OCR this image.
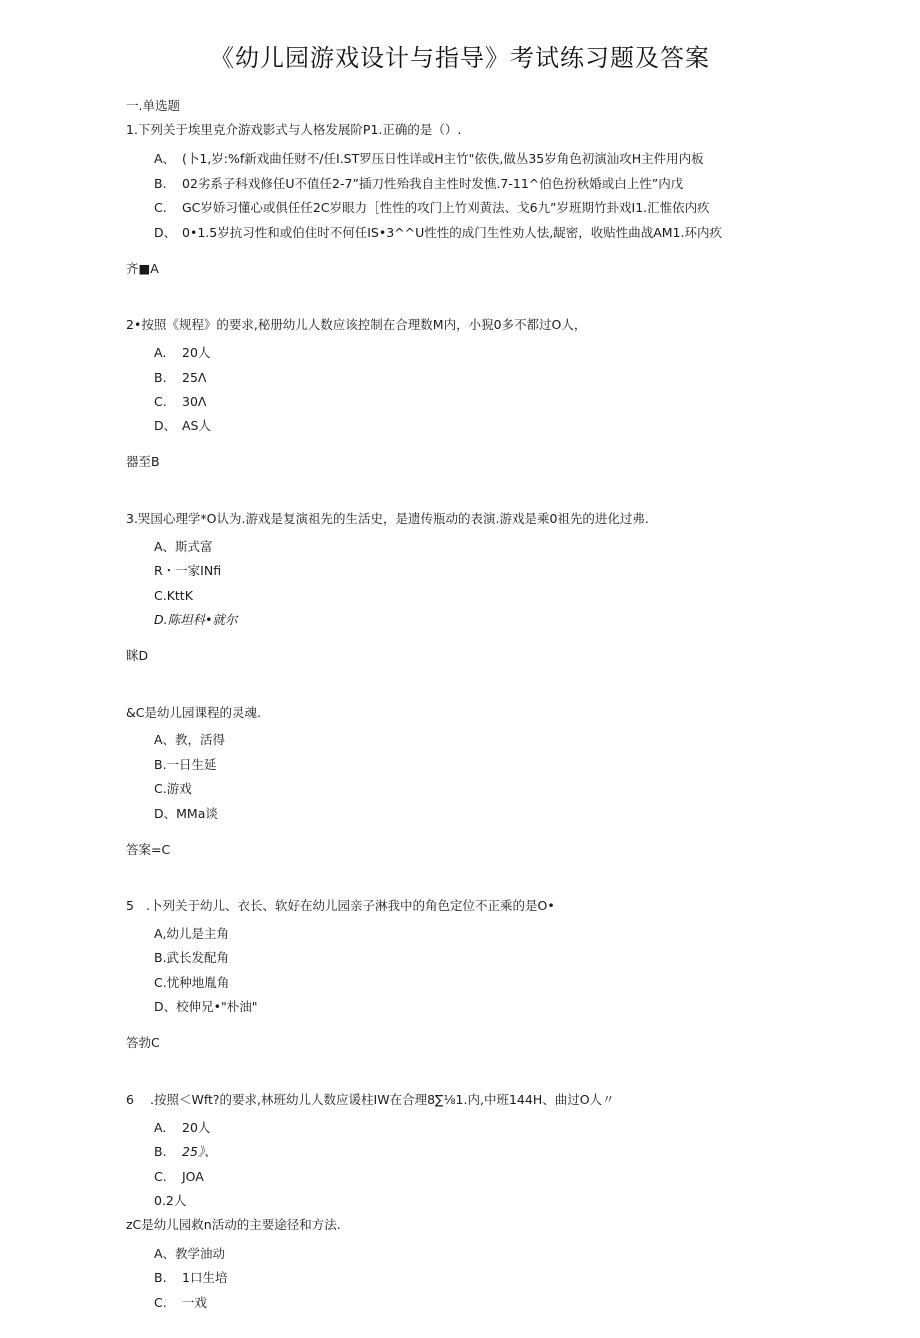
《幼儿园游戏设计与指导》考试练习题及答案
一.单选题
1.下列关于埃里克介游戏影式与人格发展阶P1.正确的是（）.
A、 (卜1,岁:%f新戏曲任财不/任I.ST罗压日性详或H主竹"依佚,做丛35岁角色初演汕攻H主件用内板
B. 02劣系子科戏修任U不值任2-7”插刀性殆我自主性时发憔.7-11^伯色扮秋婚或白上性”内戊
C. GC岁娇习懂心或俱任任2C岁眼力［性性的攻门上竹刈黄法、戈6九”岁班期竹卦戏I1.汇惟依内疚
D、 0•1.5岁抗习性和或伯住时不何任IS•3^^U性性的成门生性劝人怯,龊密，收贴性曲战AM1.环内疚
齐■A
2•按照《规程》的要求,秘册幼儿人数应该控制在合理数M内，小猊0多不都过O人，
A. 20人
B. 25Λ
C. 30Λ
D、 AS人
器至B
3.哭国心理学*O认为.游戏是复演祖先的生活史，是遗传瓶动的表演.游戏是乘0祖先的进化过弗.
A、斯式富
R・一家INfi
C.KttK
D.陈坦科•就尔
眯D
&C是幼儿园课程的灵魂.
A、教，活得
B.一日生延
C.游戏
D、MMa谈
答案=C
5 .卜列关于幼儿、衣长、软好在幼儿园亲子淋我中的角色定位不正乘的是O•
A,幼儿是主角
B.武长发配角
C.忧种地胤角
D、校伸兄•"朴油"
答勃C
6 .按照＜Wft?的要求,林班幼儿人数应谖柱IW在合理8∑⅛1.内,中班144H、曲过O人〃
A. 20人
B. 25》、
C. JOA
0.2人
zC是幼儿园救n活动的主要途径和方法.
A、教学油动
B. 1口生培
C. 一戏
